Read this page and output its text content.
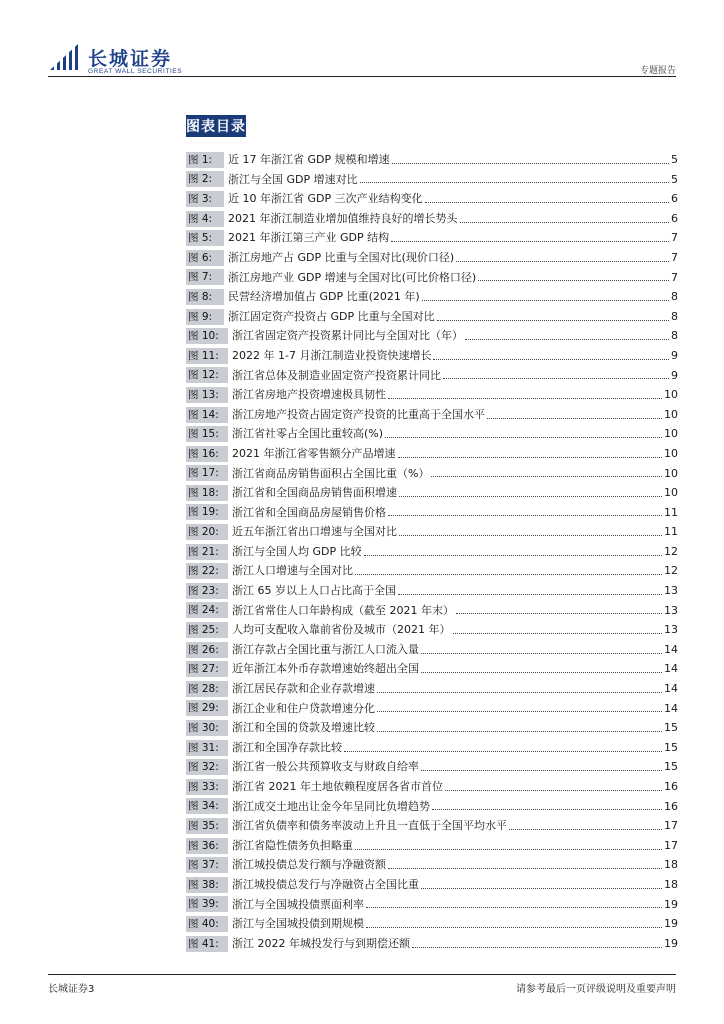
长城证券
GREAT WALL SECURITIES	专题报告
图表目录
图 1:	近 17 年浙江省 GDP 规模和增速	5
图 2:	浙江与全国 GDP 增速对比	5
图 3:	近 10 年浙江省 GDP 三次产业结构变化	6
图 4:	2021 年浙江制造业增加值维持良好的增长势头	6
图 5:	2021 年浙江第三产业 GDP 结构	7
图 6:	浙江房地产占 GDP 比重与全国对比(现价口径)	7
图 7:	浙江房地产业 GDP 增速与全国对比(可比价格口径)	7
图 8:	民营经济增加值占 GDP 比重(2021 年)	8
图 9:	浙江固定资产投资占 GDP 比重与全国对比	8
图 10:	浙江省固定资产投资累计同比与全国对比（年）	8
图 11:	2022 年 1-7 月浙江制造业投资快速增长	9
图 12:	浙江省总体及制造业固定资产投资累计同比	9
图 13:	浙江省房地产投资增速极具韧性	10
图 14:	浙江房地产投资占固定资产投资的比重高于全国水平	10
图 15:	浙江省社零占全国比重较高(%)	10
图 16:	2021 年浙江省零售额分产品增速	10
图 17:	浙江省商品房销售面积占全国比重（%）	10
图 18:	浙江省和全国商品房销售面积增速	10
图 19:	浙江省和全国商品房屋销售价格	11
图 20:	近五年浙江省出口增速与全国对比	11
图 21:	浙江与全国人均 GDP 比较	12
图 22:	浙江人口增速与全国对比	12
图 23:	浙江 65 岁以上人口占比高于全国	13
图 24:	浙江省常住人口年龄构成（截至 2021 年末）	13
图 25:	人均可支配收入靠前省份及城市（2021 年）	13
图 26:	浙江存款占全国比重与浙江人口流入量	14
图 27:	近年浙江本外币存款增速始终超出全国	14
图 28:	浙江居民存款和企业存款增速	14
图 29:	浙江企业和住户贷款增速分化	14
图 30:	浙江和全国的贷款及增速比较	15
图 31:	浙江和全国净存款比较	15
图 32:	浙江省一般公共预算收支与财政自给率	15
图 33:	浙江省 2021 年土地依赖程度居各省市首位	16
图 34:	浙江成交土地出让金今年呈同比负增趋势	16
图 35:	浙江省负债率和债务率波动上升且一直低于全国平均水平	17
图 36:	浙江省隐性债务负担略重	17
图 37:	浙江城投债总发行额与净融资额	18
图 38:	浙江城投债总发行与净融资占全国比重	18
图 39:	浙江与全国城投债票面利率	19
图 40:	浙江与全国城投债到期规模	19
图 41:	浙江 2022 年城投发行与到期偿还额	19
长城证券3	请参考最后一页评级说明及重要声明
